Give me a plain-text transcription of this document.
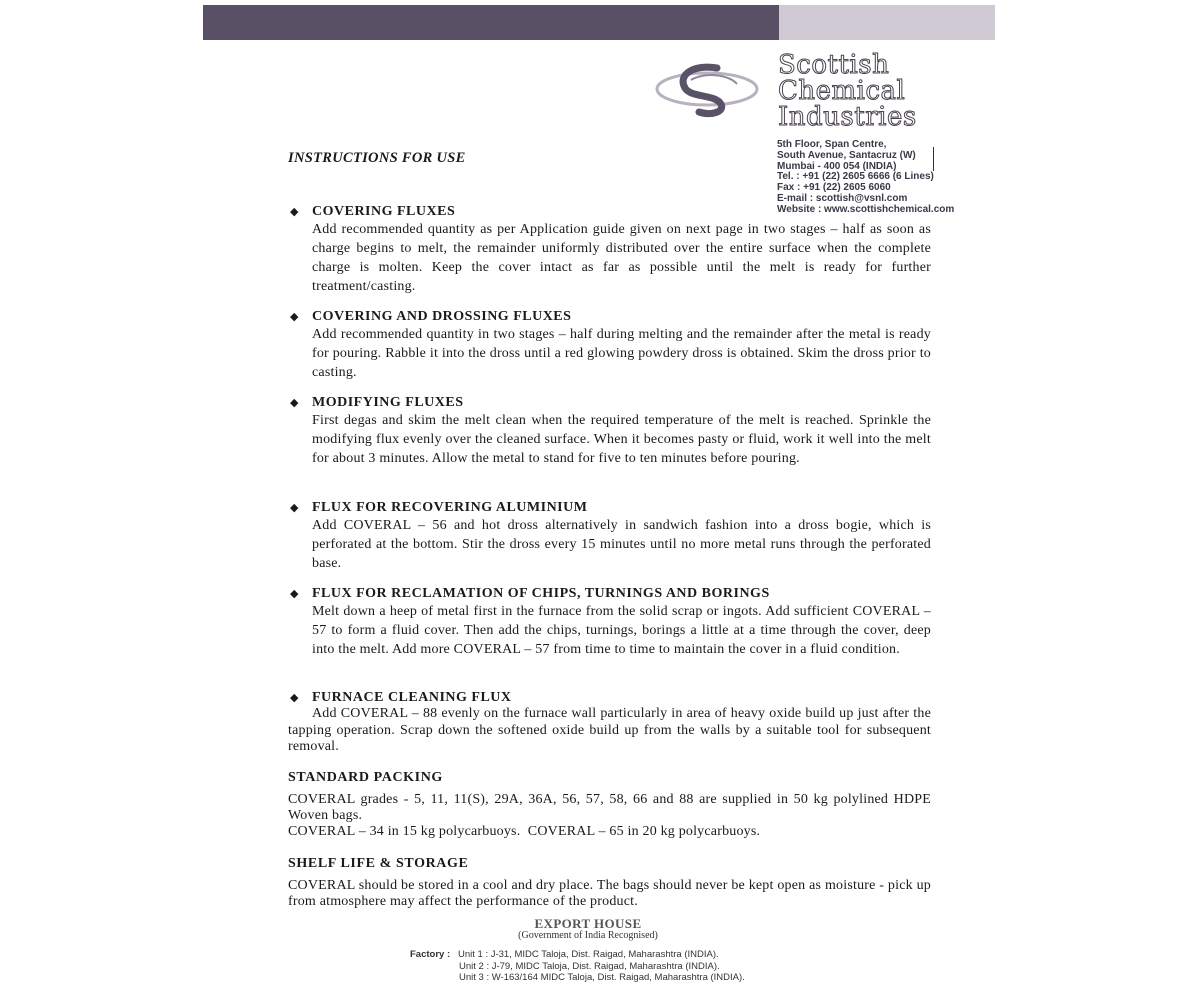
Scottish
Chemical
Industries
5th Floor, Span Centre,
South Avenue, Santacruz (W)
Mumbai - 400 054 (INDIA)
Tel. : +91 (22) 2605 6666 (6 Lines)
Fax : +91 (22) 2605 6060
E-mail : scottish@vsnl.com
Website : www.scottishchemical.com
INSTRUCTIONS FOR USE
◆ COVERING FLUXES
Add recommended quantity as per Application guide given on next page in two stages – half as soon as charge begins to melt, the remainder uniformly distributed over the entire surface when the complete charge is molten. Keep the cover intact as far as possible until the melt is ready for further treatment/casting.
◆ COVERING AND DROSSING FLUXES
Add recommended quantity in two stages – half during melting and the remainder after the metal is ready for pouring. Rabble it into the dross until a red glowing powdery dross is obtained. Skim the dross prior to casting.
◆ MODIFYING FLUXES
First degas and skim the melt clean when the required temperature of the melt is reached. Sprinkle the modifying flux evenly over the cleaned surface. When it becomes pasty or fluid, work it well into the melt for about 3 minutes. Allow the metal to stand for five to ten minutes before pouring.
◆ FLUX FOR RECOVERING ALUMINIUM
Add COVERAL – 56 and hot dross alternatively in sandwich fashion into a dross bogie, which is perforated at the bottom. Stir the dross every 15 minutes until no more metal runs through the perforated base.
◆ FLUX FOR RECLAMATION OF CHIPS, TURNINGS AND BORINGS
Melt down a heep of metal first in the furnace from the solid scrap or ingots. Add sufficient COVERAL – 57 to form a fluid cover. Then add the chips, turnings, borings a little at a time through the cover, deep into the melt. Add more COVERAL – 57 from time to time to maintain the cover in a fluid condition.
◆ FURNACE CLEANING FLUX
Add COVERAL – 88 evenly on the furnace wall particularly in area of heavy oxide build up just after the tapping operation. Scrap down the softened oxide build up from the walls by a suitable tool for subsequent removal.
STANDARD PACKING
COVERAL grades - 5, 11, 11(S), 29A, 36A, 56, 57, 58, 66 and 88 are supplied in 50 kg polylined HDPE Woven bags.
COVERAL – 34 in 15 kg polycarbuoys.  COVERAL – 65 in 20 kg polycarbuoys.
SHELF LIFE & STORAGE
COVERAL should be stored in a cool and dry place. The bags should never be kept open as moisture - pick up from atmosphere may affect the performance of the product.
EXPORT HOUSE
(Government of India Recognised)
Factory : Unit 1 : J-31, MIDC Taloja, Dist. Raigad, Maharashtra (INDIA).
Unit 2 : J-79, MIDC Taloja, Dist. Raigad, Maharashtra (INDIA).
Unit 3 : W-163/164 MIDC Taloja, Dist. Raigad, Maharashtra (INDIA).
